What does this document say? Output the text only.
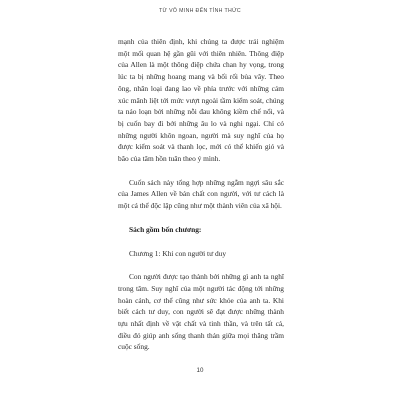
TỪ VÔ MINH ĐẾN TỈNH THỨC

mạnh của thiên định, khi chúng ta được trải nghiệm một mối quan hệ gần gũi với thiên nhiên. Thông điệp của Allen là một thông điệp chứa chan hy vọng, trong lúc ta bị những hoang mang và bối rối bủa vây. Theo ông, nhân loại đang lao về phía trước với những cảm xúc mãnh liệt tới mức vượt ngoài tầm kiểm soát, chúng ta náo loạn bởi những nỗi đau không kiềm chế nổi, và bị cuốn bay đi bởi những âu lo và nghi ngại. Chỉ có những người khôn ngoan, người mà suy nghĩ của họ được kiểm soát và thanh lọc, mới có thể khiến gió và bão của tâm hồn tuân theo ý mình.

Cuốn sách này tổng hợp những ngẫm ngợi sâu sắc của James Allen về bản chất con người, với tư cách là một cá thể độc lập cũng như một thành viên của xã hội.

Sách gồm bốn chương:

Chương 1: Khi con người tư duy

Con người được tạo thành bởi những gì anh ta nghĩ trong tâm. Suy nghĩ của một người tác động tới những hoàn cảnh, cơ thể cũng như sức khỏe của anh ta. Khi biết cách tư duy, con người sẽ đạt được những thành tựu nhất định về vật chất và tinh thần, và trên tất cả, điều đó giúp anh sống thanh thản giữa mọi thăng trầm cuộc sống.

10
